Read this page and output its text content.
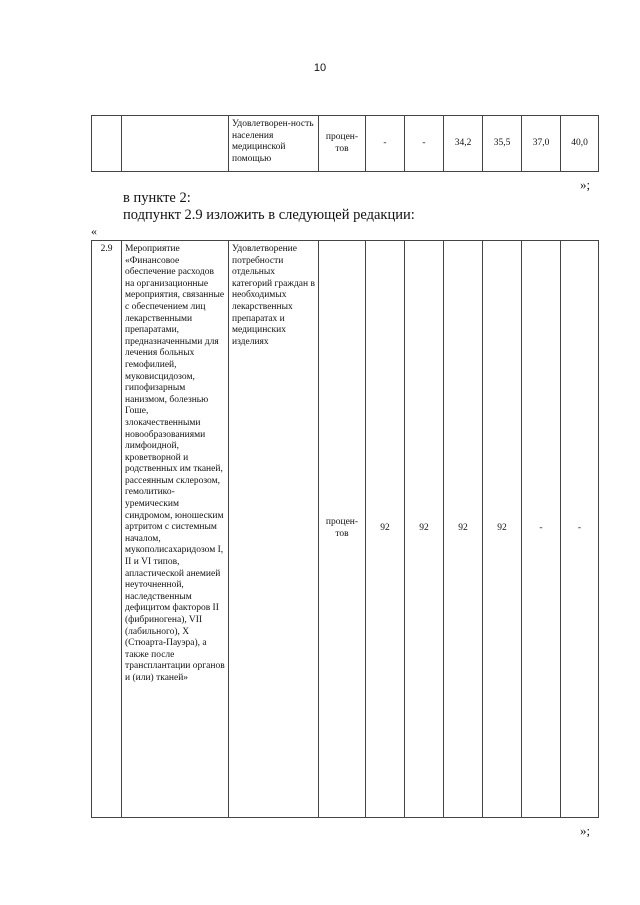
10
		Удовлетворен-ность населения медицинской помощью	процен-тов	-	-	34,2	35,5	37,0	40,0
»;
в пункте 2:
подпункт 2.9 изложить в следующей редакции:
«
2.9	Мероприятие «Финансовое обеспечение расходов на организационные мероприятия, связанные с обеспечением лиц лекарственными препаратами, предназначенными для лечения больных гемофилией, муковисцидозом, гипофизарным нанизмом, болезнью Гоше, злокачественными новообразованиями лимфоидной, кроветворной и родственных им тканей, рассеянным склерозом, гемолитико-уремическим синдромом, юношеским артритом с системным началом, мукополисахаридозом I, II и VI типов, апластической анемией неуточненной, наследственным дефицитом факторов II (фибриногена), VII (лабильного), X (Стюарта-Пауэра), а также после трансплантации органов и (или) тканей»	Удовлетворение потребности отдельных категорий граждан в необходимых лекарственных препаратах и медицинских изделиях	процен-тов	92	92	92	92	-	-
»;
